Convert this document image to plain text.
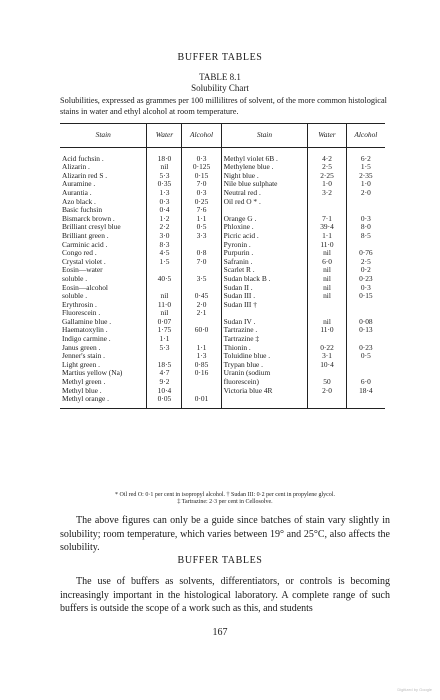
BUFFER TABLES
TABLE 8.1
Solubility Chart
Solubilities, expressed as grammes per 100 millilitres of solvent, of the more common histological stains in water and ethyl alcohol at room temperature.
Stain	Water	Alcohol	Stain	Water	Alcohol
Acid fuchsin .	18·0	0·3	Methyl violet 6B .	4·2	6·2
Alizarin .	nil	0·125	Methylene blue .	2·5	1·5
Alizarin red S .	5·3	0·15	Night blue .	2·25	2·35
Auramine .	0·35	7·0	Nile blue sulphate	1·0	1·0
Aurantia .	1·3	0·3	Neutral red .	3·2	2·0
Azo black .	0·3	0·25	Oil red O * .		
Basic fuchsin	0·4	7·6			
Bismarck brown .	1·2	1·1	Orange G .	7·1	0·3
Brilliant cresyl blue	2·2	0·5	Phloxine .	39·4	8·0
Brilliant green .	3·0	3·3	Picric acid .	1·1	8·5
Carminic acid .	8·3		Pyronin .	11·0	
Congo red .	4·5	0·8	Purpurin .	nil	0·76
Crystal violet .	1·5	7·0	Safranin .	6·0	2·5
Eosin—water			Scarlet R .	nil	0·2
soluble .	40·5	3·5	Sudan black B .	nil	0·23
Eosin—alcohol			Sudan II .	nil	0·3
soluble .	nil	0·45	Sudan III .	nil	0·15
Erythrosin .	11·0	2·0	Sudan III †		
Fluorescein .	nil	2·1			
Gallamine blue .	0·07		Sudan IV .	nil	0·08
Haematoxylin .	1·75	60·0	Tartrazine .	11·0	0·13
Indigo carmine .	1·1		Tartrazine ‡		
Janus green .	5·3	1·1	Thionin .	0·22	0·23
Jenner's stain .		1·3	Toluidine blue .	3·1	0·5
Light green .	18·5	0·85	Trypan blue .	10·4	
Martius yellow (Na)	4·7	0·16	Uranin (sodium		
Methyl green .	9·2		fluorescein)	50	6·0
Methyl blue .	10·4		Victoria blue 4R	2·0	18·4
Methyl orange .	0·05	0·01			
* Oil red O: 0·1 per cent in isopropyl alcohol. † Sudan III: 0·2 per cent in propylene glycol.
‡ Tartrazine: 2·3 per cent in Cellosolve.
The above figures can only be a guide since batches of stain vary slightly in solubility; room temperature, which varies between 19° and 25°C, also affects the solubility.
BUFFER TABLES
The use of buffers as solvents, differentiators, or controls is becoming increasingly important in the histological laboratory. A complete range of such buffers is outside the scope of a work such as this, and students
167
Digitized by Google
